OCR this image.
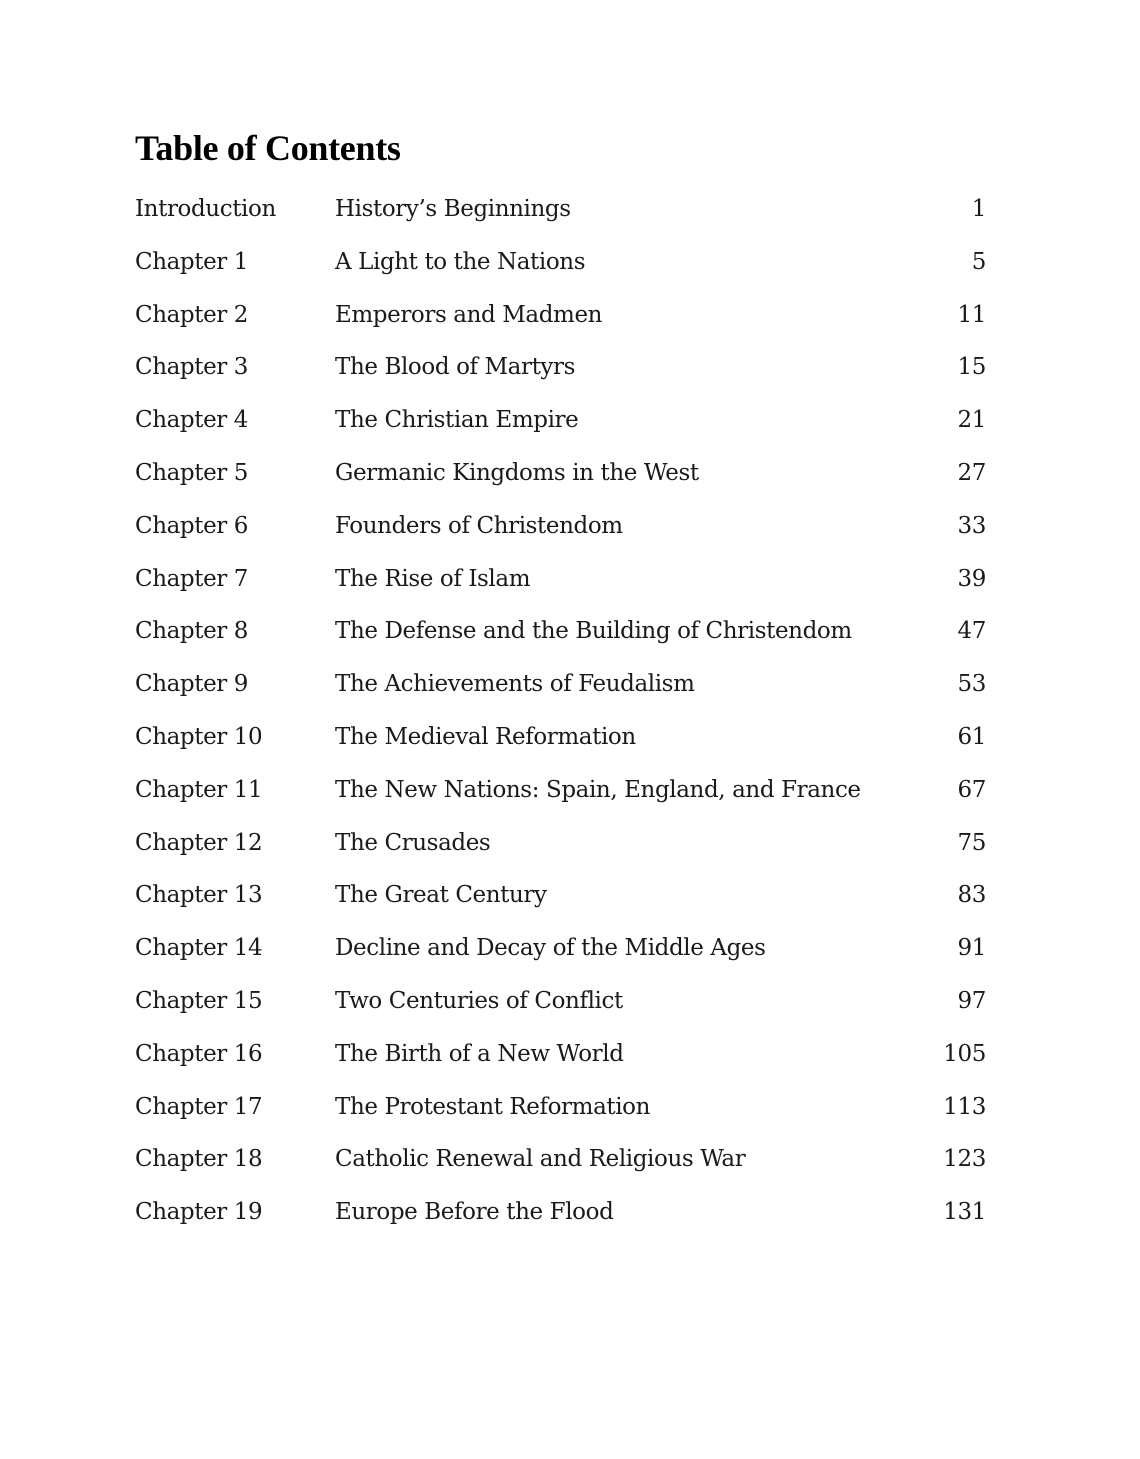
Table of Contents
Introduction	History’s Beginnings	1
Chapter 1	A Light to the Nations	5
Chapter 2	Emperors and Madmen	11
Chapter 3	The Blood of Martyrs	15
Chapter 4	The Christian Empire	21
Chapter 5	Germanic Kingdoms in the West	27
Chapter 6	Founders of Christendom	33
Chapter 7	The Rise of Islam	39
Chapter 8	The Defense and the Building of Christendom	47
Chapter 9	The Achievements of Feudalism	53
Chapter 10	The Medieval Reformation	61
Chapter 11	The New Nations: Spain, England, and France	67
Chapter 12	The Crusades	75
Chapter 13	The Great Century	83
Chapter 14	Decline and Decay of the Middle Ages	91
Chapter 15	Two Centuries of Conflict	97
Chapter 16	The Birth of a New World	105
Chapter 17	The Protestant Reformation	113
Chapter 18	Catholic Renewal and Religious War	123
Chapter 19	Europe Before the Flood	131
